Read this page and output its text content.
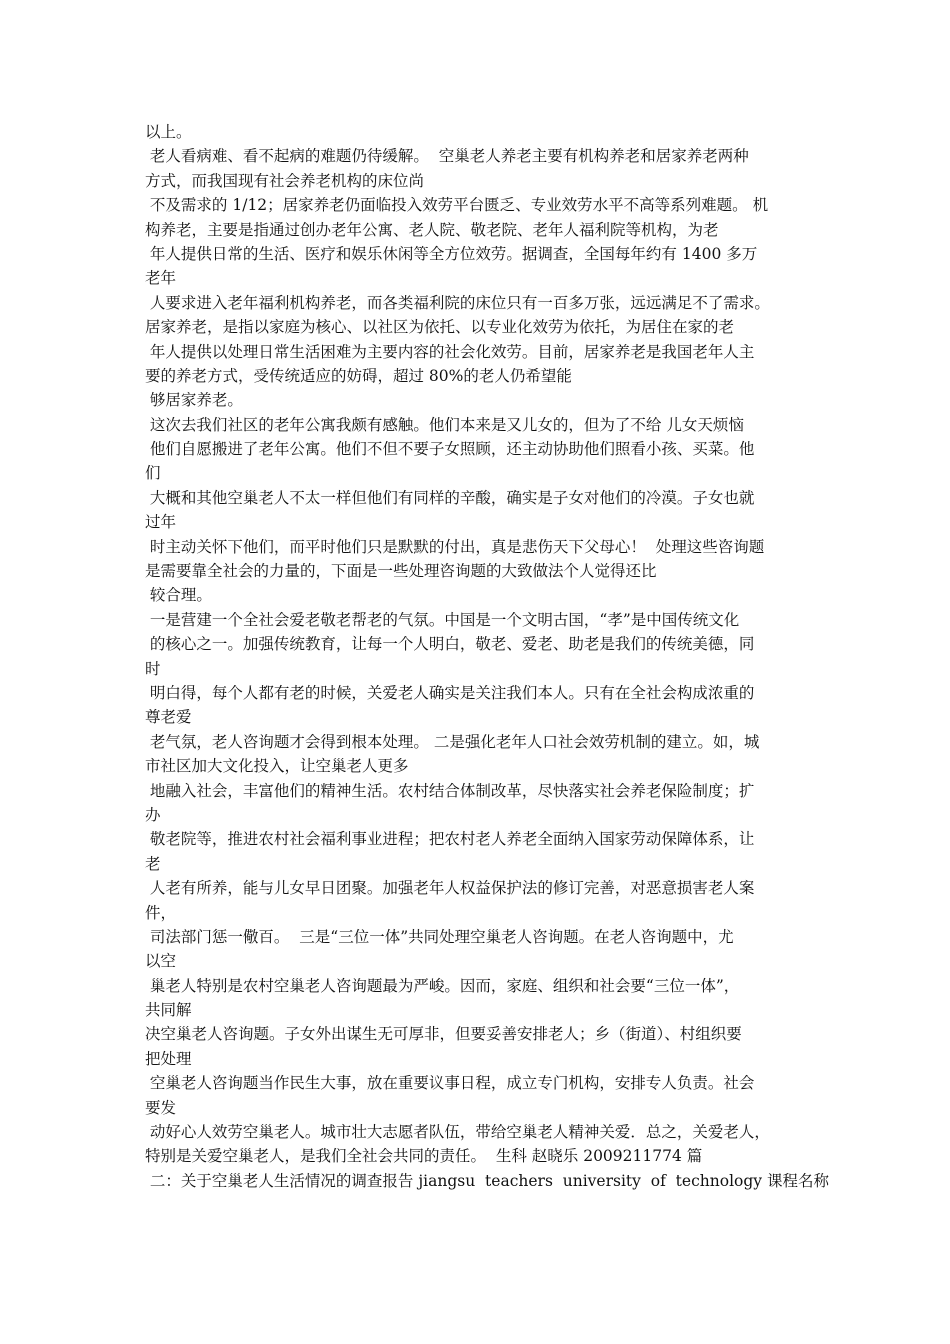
以上。
老人看病难、看不起病的难题仍待缓解。  空巢老人养老主要有机构养老和居家养老两种
方式，而我国现有社会养老机构的床位尚
不及需求的 1/12；居家养老仍面临投入效劳平台匮乏、专业效劳水平不高等系列难题。 机
构养老，主要是指通过创办老年公寓、老人院、敬老院、老年人福利院等机构，为老
年人提供日常的生活、医疗和娱乐休闲等全方位效劳。据调查，全国每年约有 1400 多万
老年
人要求进入老年福利机构养老，而各类福利院的床位只有一百多万张，远远满足不了需求。
居家养老，是指以家庭为核心、以社区为依托、以专业化效劳为依托，为居住在家的老
年人提供以处理日常生活困难为主要内容的社会化效劳。目前，居家养老是我国老年人主
要的养老方式，受传统适应的妨碍，超过 80%的老人仍希望能
够居家养老。
这次去我们社区的老年公寓我颇有感触。他们本来是又儿女的，但为了不给 儿女天烦恼
他们自愿搬进了老年公寓。他们不但不要子女照顾，还主动协助他们照看小孩、买菜。他
们
大概和其他空巢老人不太一样但他们有同样的辛酸，确实是子女对他们的冷漠。子女也就
过年
时主动关怀下他们，而平时他们只是默默的付出，真是悲伤天下父母心！  处理这些咨询题
是需要靠全社会的力量的，下面是一些处理咨询题的大致做法个人觉得还比
较合理。
一是营建一个全社会爱老敬老帮老的气氛。中国是一个文明古国，“孝”是中国传统文化
的核心之一。加强传统教育，让每一个人明白，敬老、爱老、助老是我们的传统美德，同
时
明白得，每个人都有老的时候，关爱老人确实是关注我们本人。只有在全社会构成浓重的
尊老爱
老气氛，老人咨询题才会得到根本处理。 二是强化老年人口社会效劳机制的建立。如，城
市社区加大文化投入，让空巢老人更多
地融入社会，丰富他们的精神生活。农村结合体制改革，尽快落实社会养老保险制度；扩
办
敬老院等，推进农村社会福利事业进程；把农村老人养老全面纳入国家劳动保障体系，让
老
人老有所养，能与儿女早日团聚。加强老年人权益保护法的修订完善，对恶意损害老人案
件，
司法部门惩一儆百。  三是“三位一体”共同处理空巢老人咨询题。在老人咨询题中，尤
以空
巢老人特别是农村空巢老人咨询题最为严峻。因而，家庭、组织和社会要“三位一体”，
共同解
决空巢老人咨询题。子女外出谋生无可厚非，但要妥善安排老人；乡（街道）、村组织要
把处理
空巢老人咨询题当作民生大事，放在重要议事日程，成立专门机构，安排专人负责。社会
要发
动好心人效劳空巢老人。城市壮大志愿者队伍，带给空巢老人精神关爱．总之，关爱老人，
特别是关爱空巢老人，是我们全社会共同的责任。  生科 赵晓乐 2009211774 篇
二：关于空巢老人生活情况的调查报告 jiangsu  teachers  university  of  technology 课程名称
